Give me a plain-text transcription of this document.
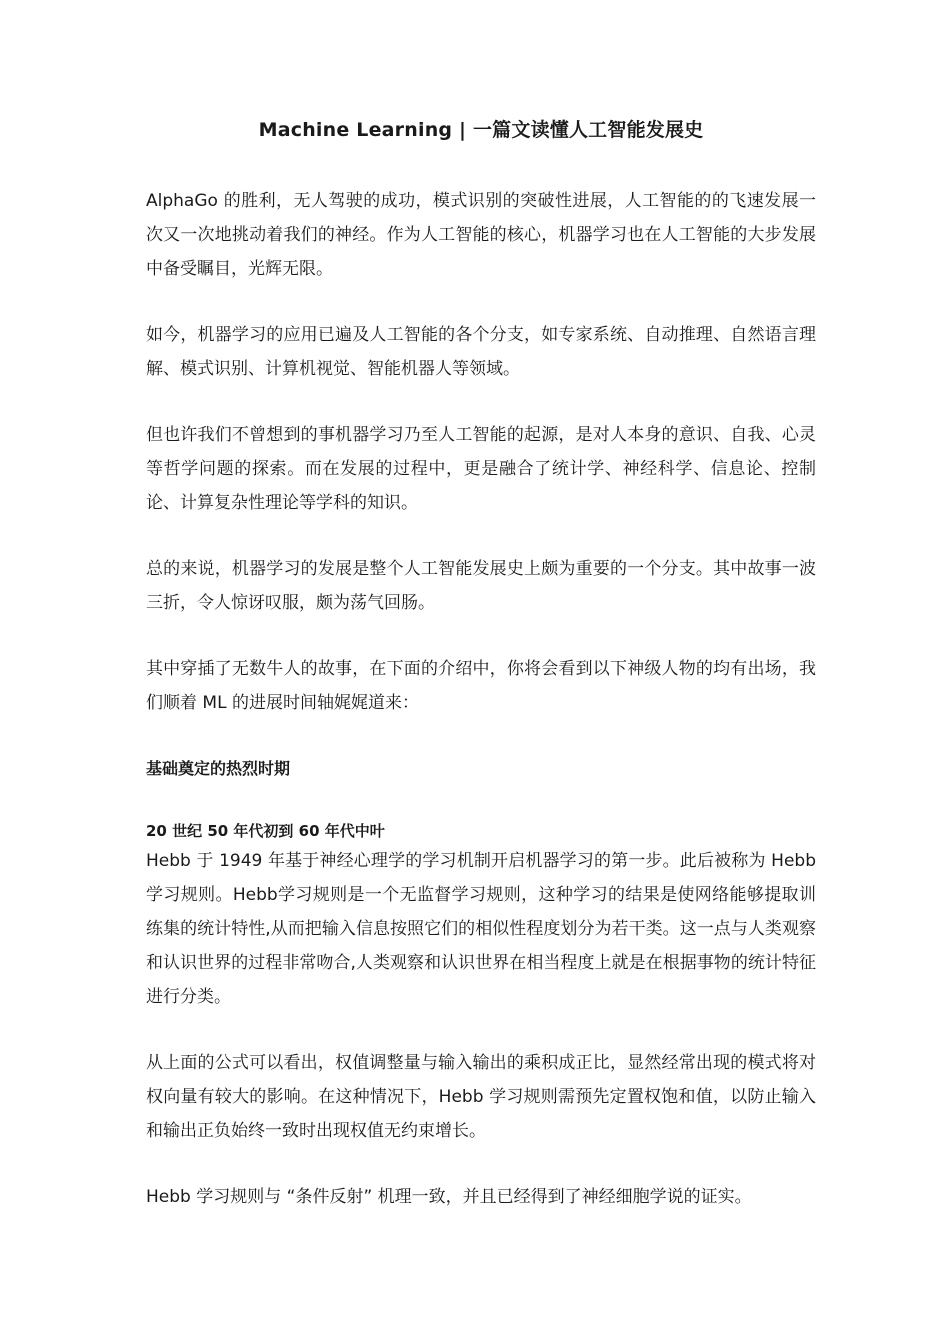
Machine Learning | 一篇文读懂人工智能发展史

AlphaGo 的胜利，无人驾驶的成功，模式识别的突破性进展，人工智能的的飞速发展一次又一次地挑动着我们的神经。作为人工智能的核心，机器学习也在人工智能的大步发展中备受瞩目，光辉无限。

如今，机器学习的应用已遍及人工智能的各个分支，如专家系统、自动推理、自然语言理解、模式识别、计算机视觉、智能机器人等领域。

但也许我们不曾想到的事机器学习乃至人工智能的起源，是对人本身的意识、自我、心灵等哲学问题的探索。而在发展的过程中，更是融合了统计学、神经科学、信息论、控制论、计算复杂性理论等学科的知识。

总的来说，机器学习的发展是整个人工智能发展史上颇为重要的一个分支。其中故事一波三折，令人惊讶叹服，颇为荡气回肠。

其中穿插了无数牛人的故事，在下面的介绍中，你将会看到以下神级人物的均有出场，我们顺着 ML 的进展时间轴娓娓道来：

基础奠定的热烈时期
20 世纪 50 年代初到 60 年代中叶

Hebb 于 1949 年基于神经心理学的学习机制开启机器学习的第一步。此后被称为 Hebb 学习规则。Hebb学习规则是一个无监督学习规则，这种学习的结果是使网络能够提取训练集的统计特性,从而把输入信息按照它们的相似性程度划分为若干类。这一点与人类观察和认识世界的过程非常吻合,人类观察和认识世界在相当程度上就是在根据事物的统计特征进行分类。

从上面的公式可以看出，权值调整量与输入输出的乘积成正比，显然经常出现的模式将对权向量有较大的影响。在这种情况下，Hebb 学习规则需预先定置权饱和值，以防止输入和输出正负始终一致时出现权值无约束增长。

Hebb 学习规则与 “条件反射” 机理一致，并且已经得到了神经细胞学说的证实。
